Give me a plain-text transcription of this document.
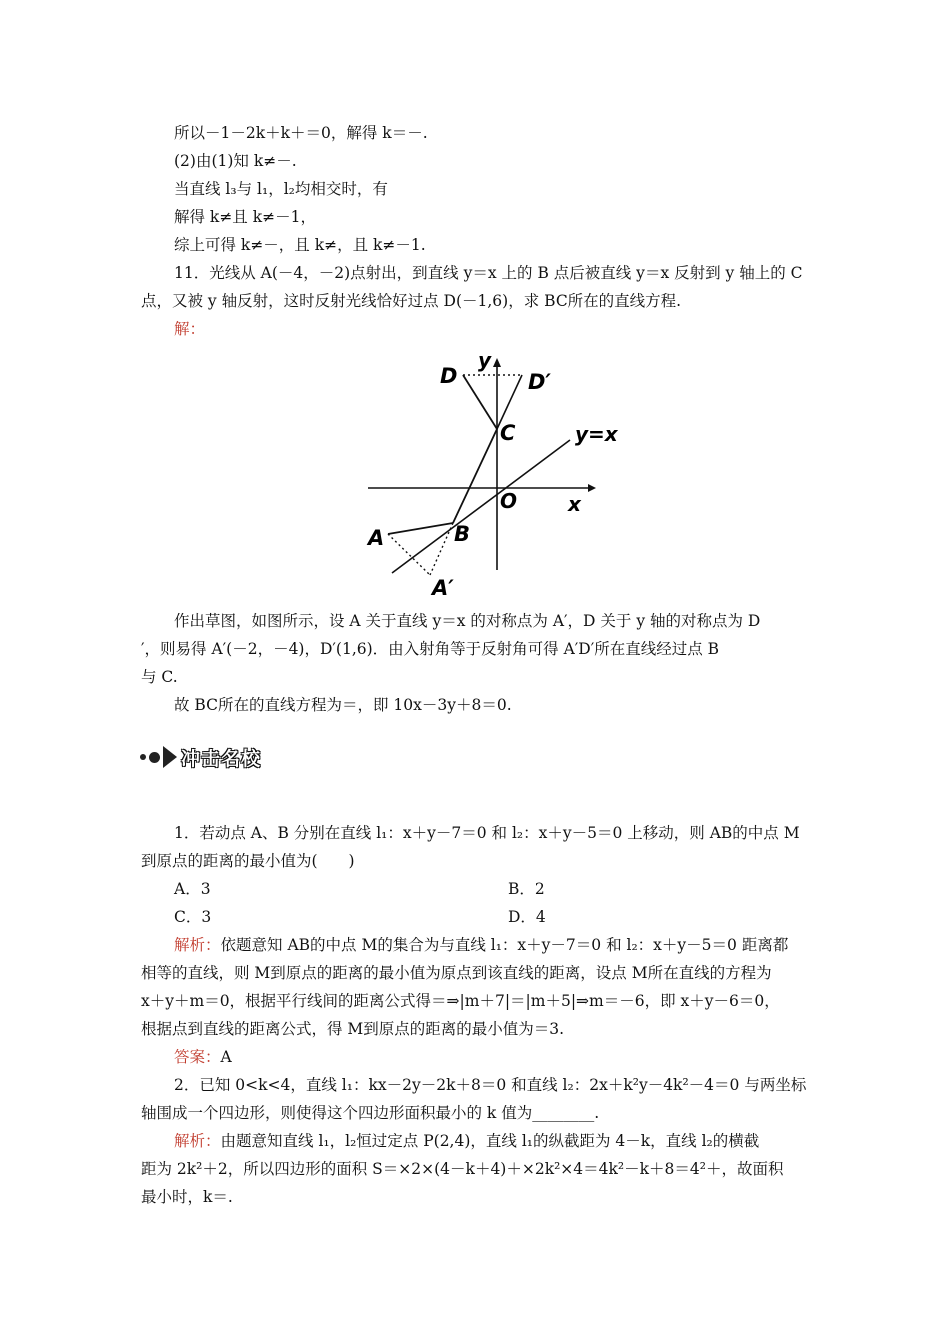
所以－1－2k＋k＋＝0，解得 k＝－.
(2)由(1)知 k≠－.
当直线 l₃与 l₁，l₂均相交时，有
解得 k≠且 k≠－1，
综上可得 k≠－，且 k≠，且 k≠－1.
11．光线从 A(－4，－2)点射出，到直线 y＝x 上的 B 点后被直线 y＝x 反射到 y 轴上的 C
点，又被 y 轴反射，这时反射光线恰好过点 D(－1,6)，求 BC所在的直线方程.
解：
y
D	D′
C	y=x
O	x
A	B
A′
作出草图，如图所示，设 A 关于直线 y＝x 的对称点为 A′，D 关于 y 轴的对称点为 D
′，则易得 A′(－2，－4)，D′(1,6)．由入射角等于反射角可得 A′D′所在直线经过点 B
与 C.
故 BC所在的直线方程为＝，即 10x－3y＋8＝0.
冲击名校
1．若动点 A、B 分别在直线 l₁：x＋y－7＝0 和 l₂：x＋y－5＝0 上移动，则 AB的中点 M
到原点的距离的最小值为(　　)
A．3	B．2
C．3	D．4
解析：依题意知 AB的中点 M的集合为与直线 l₁：x＋y－7＝0 和 l₂：x＋y－5＝0 距离都
相等的直线，则 M到原点的距离的最小值为原点到该直线的距离，设点 M所在直线的方程为
x＋y＋m＝0，根据平行线间的距离公式得＝⇒|m＋7|＝|m＋5|⇒m＝－6，即 x＋y－6＝0，
根据点到直线的距离公式，得 M到原点的距离的最小值为＝3.
答案：A
2．已知 0<k<4，直线 l₁：kx－2y－2k＋8＝0 和直线 l₂：2x＋k²y－4k²－4＝0 与两坐标
轴围成一个四边形，则使得这个四边形面积最小的 k 值为________.
解析：由题意知直线 l₁，l₂恒过定点 P(2,4)，直线 l₁的纵截距为 4－k，直线 l₂的横截
距为 2k²＋2，所以四边形的面积 S＝×2×(4－k＋4)＋×2k²×4＝4k²－k＋8＝4²＋，故面积
最小时，k＝.
